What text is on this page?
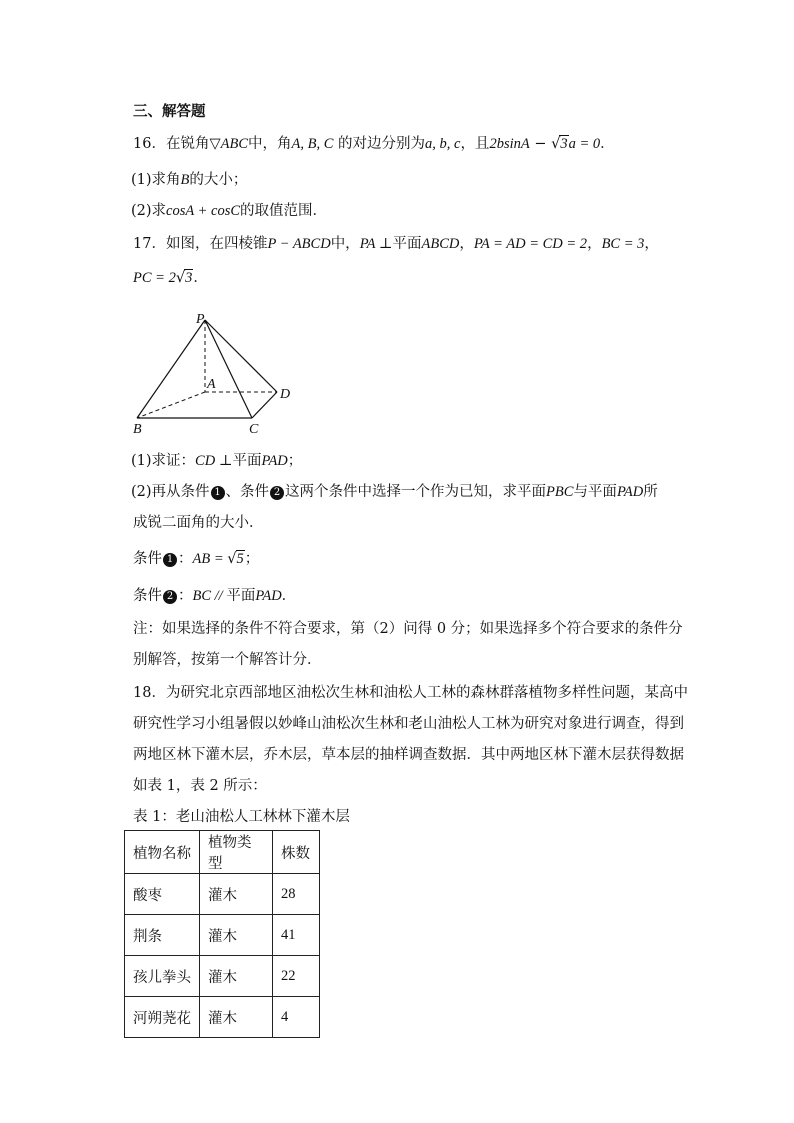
三、解答题
16．在锐角▽ABC中，角A, B, C 的对边分别为a, b, c，且2bsinA − √3a = 0．
(1)求角B的大小；
(2)求cosA + cosC的取值范围．
17．如图，在四棱锥P − ABCD中，PA ⊥平面ABCD，PA = AD = CD = 2，BC = 3，
PC = 2√3．
P
A
B	C
D
(1)求证：CD ⊥平面PAD；
(2)再从条件 1 、条件 2 这两个条件中选择一个作为已知，求平面PBC与平面PAD所
成锐二面角的大小．
条件 1 ：AB = √5；
条件 2 ：BC // 平面PAD．
注：如果选择的条件不符合要求，第（2）问得 0 分；如果选择多个符合要求的条件分
别解答，按第一个解答计分．
18．为研究北京西部地区油松次生林和油松人工林的森林群落植物多样性问题，某高中
研究性学习小组暑假以妙峰山油松次生林和老山油松人工林为研究对象进行调查，得到
两地区林下灌木层，乔木层，草本层的抽样调查数据．其中两地区林下灌木层获得数据
如表 1，表 2 所示：
表 1：老山油松人工林林下灌木层
植物名称	植物类型	株数
酸枣	灌木	28
荆条	灌木	41
孩儿拳头	灌木	22
河朔荛花	灌木	4
